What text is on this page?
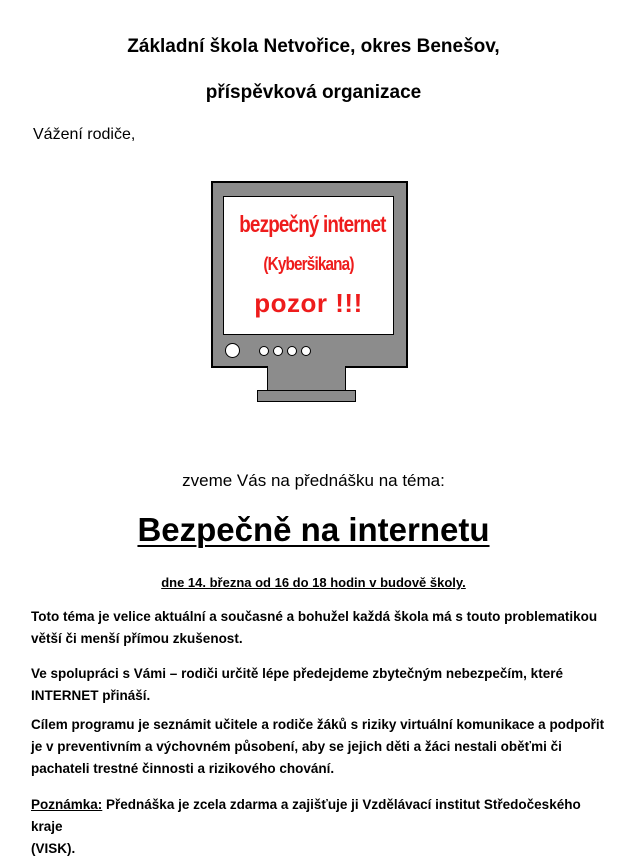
Základní škola Netvořice, okres Benešov,
příspěvková organizace
Vážení rodiče,
bezpečný internet
(Kyberšikana)
pozor !!!
zveme Vás na přednášku na téma:
Bezpečně na internetu
dne 14. března od 16 do 18 hodin v budově školy.
Toto téma je velice aktuální a současné a bohužel každá škola má s touto problematikou
větší či menší přímou zkušenost.
Ve spolupráci s Vámi – rodiči určitě lépe předejdeme zbytečným nebezpečím, které
INTERNET přináší.
Cílem programu je seznámit učitele a rodiče žáků s riziky virtuální komunikace a podpořit
je v preventivním a výchovném působení, aby se jejich děti a žáci nestali oběťmi či
pachateli trestné činnosti a rizikového chování.
Poznámka: Přednáška je zcela zdarma a zajišťuje ji Vzdělávací institut Středočeského kraje
(VISK).
